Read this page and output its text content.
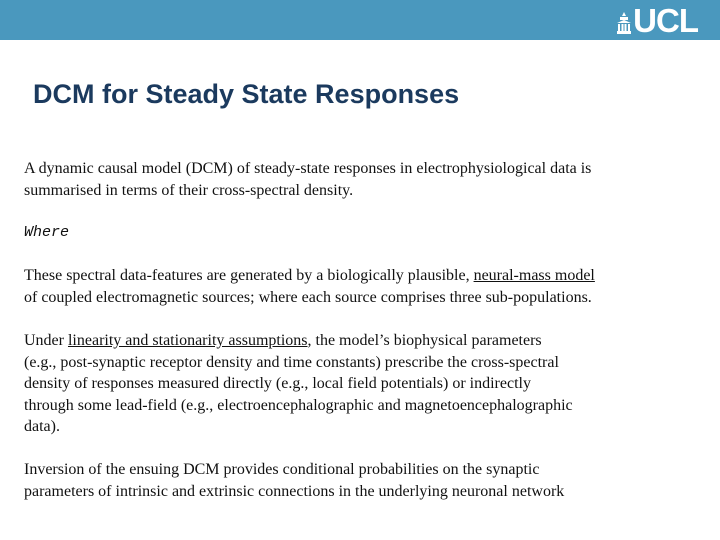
UCL
DCM for Steady State Responses

A dynamic causal model (DCM) of steady-state responses in electrophysiological data is
summarised in terms of their cross-spectral density.

Where

These spectral data-features are generated by a biologically plausible, neural-mass model
of coupled electromagnetic sources; where each source comprises three sub-populations.

Under linearity and stationarity assumptions, the model’s biophysical parameters
(e.g., post-synaptic receptor density and time constants) prescribe the cross-spectral
density of responses measured directly (e.g., local field potentials) or indirectly
through some lead-field (e.g., electroencephalographic and magnetoencephalographic
data).

Inversion of the ensuing DCM provides conditional probabilities on the synaptic
parameters of intrinsic and extrinsic connections in the underlying neuronal network
